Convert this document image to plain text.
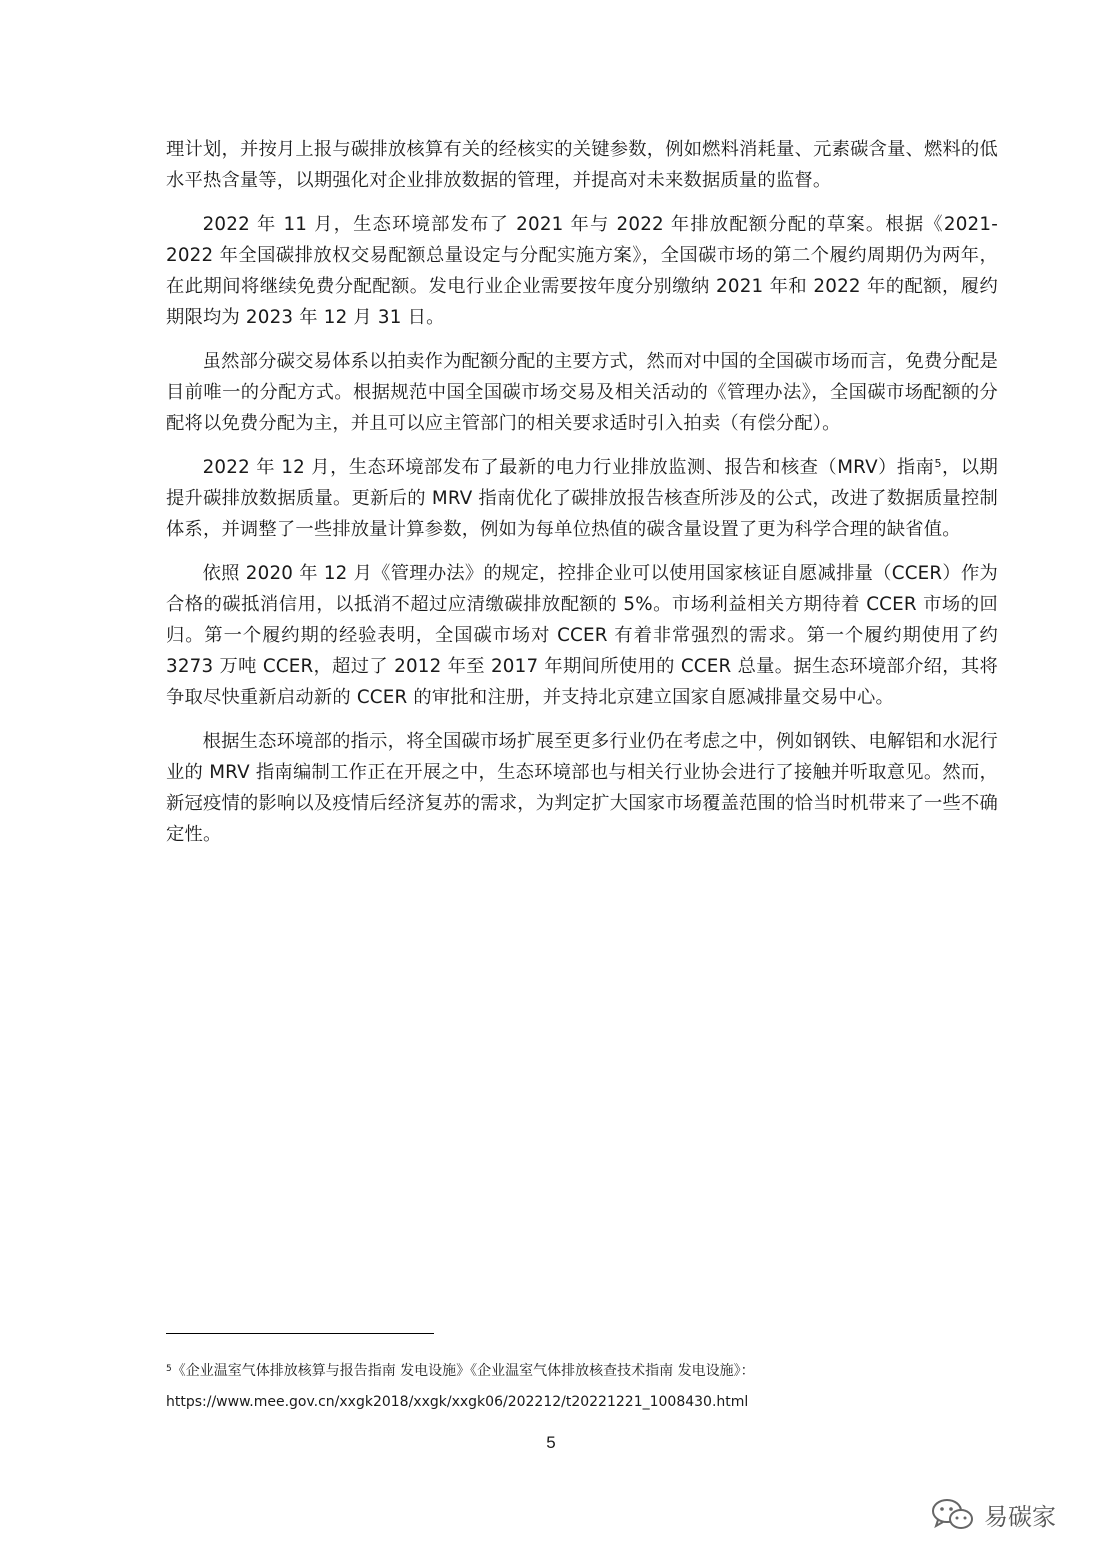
理计划，并按月上报与碳排放核算有关的经核实的关键参数，例如燃料消耗量、元素碳含量、燃料的低水平热含量等，以期强化对企业排放数据的管理，并提高对未来数据质量的监督。

2022 年 11 月，生态环境部发布了 2021 年与 2022 年排放配额分配的草案。根据《2021-2022 年全国碳排放权交易配额总量设定与分配实施方案》，全国碳市场的第二个履约周期仍为两年，在此期间将继续免费分配配额。发电行业企业需要按年度分别缴纳 2021 年和 2022 年的配额，履约期限均为 2023 年 12 月 31 日。

虽然部分碳交易体系以拍卖作为配额分配的主要方式，然而对中国的全国碳市场而言，免费分配是目前唯一的分配方式。根据规范中国全国碳市场交易及相关活动的《管理办法》，全国碳市场配额的分配将以免费分配为主，并且可以应主管部门的相关要求适时引入拍卖（有偿分配）。

2022 年 12 月，生态环境部发布了最新的电力行业排放监测、报告和核查（MRV）指南$^5$，以期提升碳排放数据质量。更新后的 MRV 指南优化了碳排放报告核查所涉及的公式，改进了数据质量控制体系，并调整了一些排放量计算参数，例如为每单位热值的碳含量设置了更为科学合理的缺省值。

依照 2020 年 12 月《管理办法》的规定，控排企业可以使用国家核证自愿减排量（CCER）作为合格的碳抵消信用，以抵消不超过应清缴碳排放配额的 5%。市场利益相关方期待着 CCER 市场的回归。第一个履约期的经验表明，全国碳市场对 CCER 有着非常强烈的需求。第一个履约期使用了约 3273 万吨 CCER，超过了 2012 年至 2017 年期间所使用的 CCER 总量。据生态环境部介绍，其将争取尽快重新启动新的 CCER 的审批和注册，并支持北京建立国家自愿减排量交易中心。

根据生态环境部的指示，将全国碳市场扩展至更多行业仍在考虑之中，例如钢铁、电解铝和水泥行业的 MRV 指南编制工作正在开展之中，生态环境部也与相关行业协会进行了接触并听取意见。然而，新冠疫情的影响以及疫情后经济复苏的需求，为判定扩大国家市场覆盖范围的恰当时机带来了一些不确定性。

$^5$《企业温室气体排放核算与报告指南 发电设施》《企业温室气体排放核查技术指南 发电设施》：
https://www.mee.gov.cn/xxgk2018/xxgk/xxgk06/202212/t20221221_1008430.html
5
易碳家
